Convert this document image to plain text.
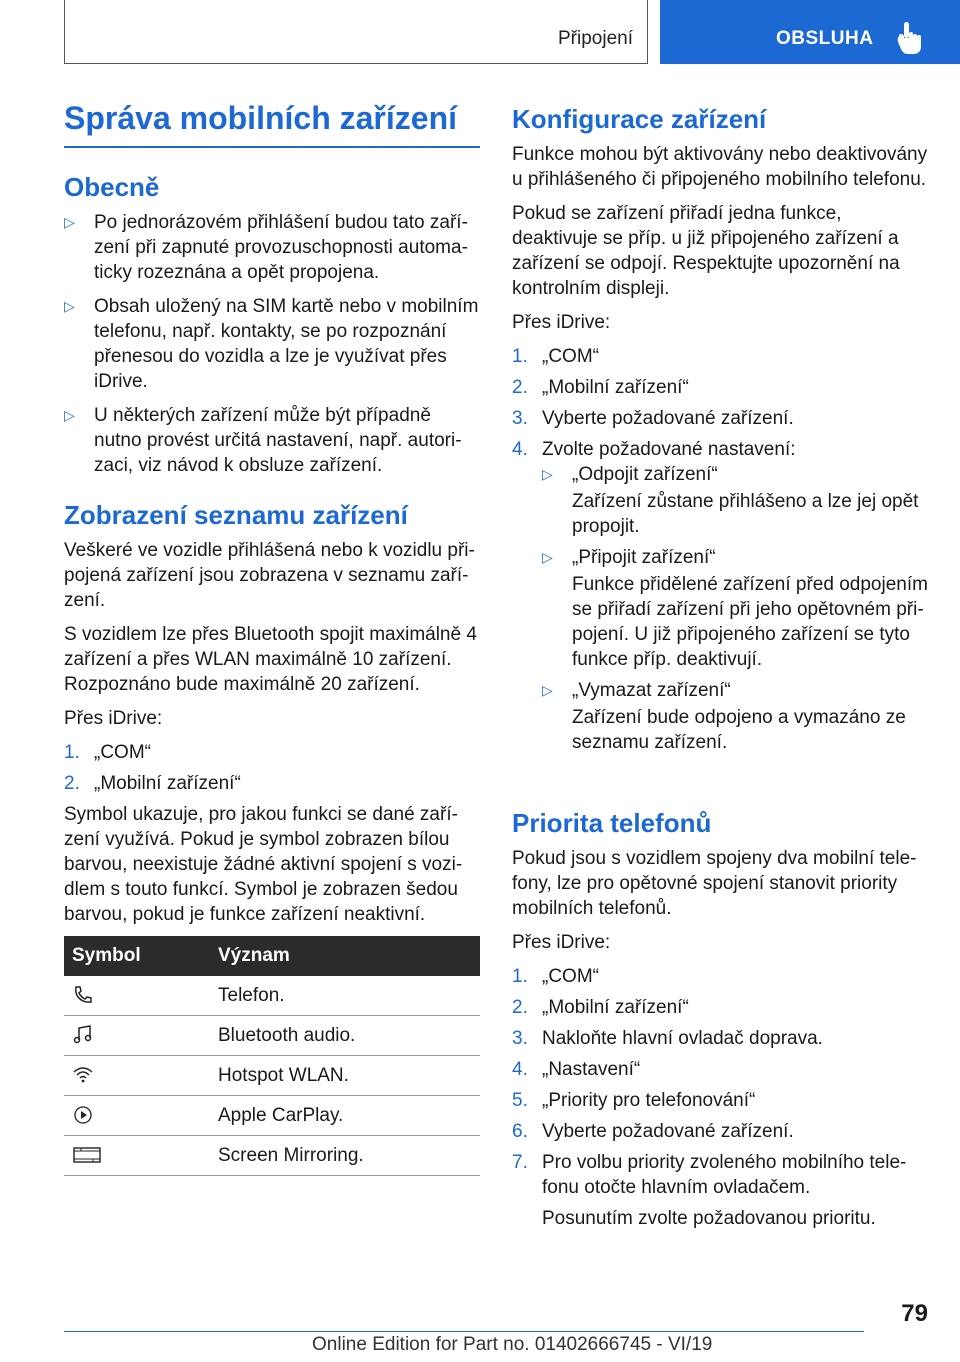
Připojení	OBSLUHA
Správa mobilních zařízení
Obecně
▷ Po jednorázovém přihlášení budou tato zařízení při zapnuté provozuschopnosti automaticky rozeznána a opět propojena.
▷ Obsah uložený na SIM kartě nebo v mobilním telefonu, např. kontakty, se po rozpoznání přenesou do vozidla a lze je využívat přes iDrive.
▷ U některých zařízení může být případně nutno provést určitá nastavení, např. autorizaci, viz návod k obsluze zařízení.
Zobrazení seznamu zařízení

Veškeré ve vozidle přihlášená nebo k vozidlu připojená zařízení jsou zobrazena v seznamu zařízení.

S vozidlem lze přes Bluetooth spojit maximálně 4 zařízení a přes WLAN maximálně 10 zařízení. Rozpoznáno bude maximálně 20 zařízení.

Přes iDrive:

1. „COM“
2. „Mobilní zařízení“

Symbol ukazuje, pro jakou funkci se dané zařízení využívá. Pokud je symbol zobrazen bílou barvou, neexistuje žádné aktivní spojení s vozidlem s touto funkcí. Symbol je zobrazen šedou barvou, pokud je funkce zařízení neaktivní.

Symbol	Význam
	Telefon.
	Bluetooth audio.
	Hotspot WLAN.
	Apple CarPlay.
	Screen Mirroring.
Konfigurace zařízení

Funkce mohou být aktivovány nebo deaktivovány u přihlášeného či připojeného mobilního telefonu.

Pokud se zařízení přiřadí jedna funkce, deaktivuje se příp. u již připojeného zařízení a zařízení se odpojí. Respektujte upozornění na kontrolním displeji.

Přes iDrive:

1. „COM“
2. „Mobilní zařízení“
3. Vyberte požadované zařízení.
4. Zvolte požadované nastavení:
▷ „Odpojit zařízení“
Zařízení zůstane přihlášeno a lze jej opět propojit.
▷ „Připojit zařízení“
Funkce přidělené zařízení před odpojením se přiřadí zařízení při jeho opětovném připojení. U již připojeného zařízení se tyto funkce příp. deaktivují.
▷ „Vymazat zařízení“
Zařízení bude odpojeno a vymazáno ze seznamu zařízení.
Priorita telefonů

Pokud jsou s vozidlem spojeny dva mobilní telefony, lze pro opětovné spojení stanovit priority mobilních telefonů.

Přes iDrive:

1. „COM“
2. „Mobilní zařízení“
3. Nakloňte hlavní ovladač doprava.
4. „Nastavení“
5. „Priority pro telefonování“
6. Vyberte požadované zařízení.
7. Pro volbu priority zvoleného mobilního telefonu otočte hlavním ovladačem.
Posunutím zvolte požadovanou prioritu.
79
Online Edition for Part no. 01402666745 - VI/19
